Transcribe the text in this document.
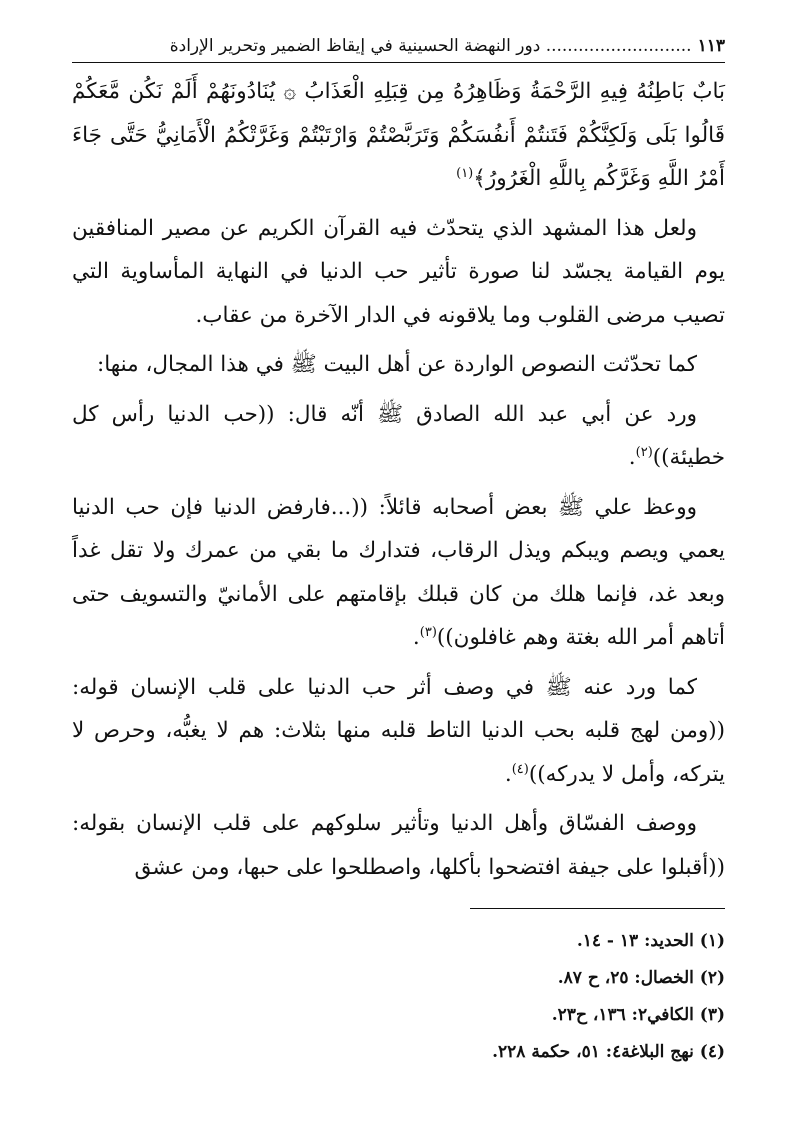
١١٣
........................... دور النهضة الحسينية في إيقاظ الضمير وتحرير الإرادة

بَابٌ بَاطِنُهُ فِيهِ الرَّحْمَةُ وَظَاهِرُهُ مِن قِبَلِهِ الْعَذَابُ ۞ يُنَادُونَهُمْ أَلَمْ نَكُن مَّعَكُمْ قَالُوا بَلَى وَلَكِنَّكُمْ فَتَنتُمْ أَنفُسَكُمْ وَتَرَبَّصْتُمْ وَارْتَبْتُمْ وَغَرَّتْكُمُ الْأَمَانِيُّ حَتَّى جَاءَ أَمْرُ اللَّهِ وَغَرَّكُم بِاللَّهِ الْغَرُورُ﴾$^{(١)}$

ولعل هذا المشهد الذي يتحدّث فيه القرآن الكريم عن مصير المنافقين يوم القيامة يجسّد لنا صورة تأثير حب الدنيا في النهاية المأساوية التي تصيب مرضى القلوب وما يلاقونه في الدار الآخرة من عقاب.

كما تحدّثت النصوص الواردة عن أهل البيت ﷺ في هذا المجال، منها:

ورد عن أبي عبد الله الصادق ﷺ أنّه قال: ((حب الدنيا رأس كل خطيئة))$^{(٢)}$.

ووعظ علي ﷺ بعض أصحابه قائلاً: ((...فارفض الدنيا فإن حب الدنيا يعمي ويصم ويبكم ويذل الرقاب، فتدارك ما بقي من عمرك ولا تقل غداً وبعد غد، فإنما هلك من كان قبلك بإقامتهم على الأمانيّ والتسويف حتى أتاهم أمر الله بغتة وهم غافلون))$^{(٣)}$.

كما ورد عنه ﷺ في وصف أثر حب الدنيا على قلب الإنسان قوله: ((ومن لهج قلبه بحب الدنيا التاط قلبه منها بثلاث: هم لا يغبُّه، وحرص لا يتركه، وأمل لا يدركه))$^{(٤)}$.

ووصف الفسّاق وأهل الدنيا وتأثير سلوكهم على قلب الإنسان بقوله: ((أقبلوا على جيفة افتضحوا بأكلها، واصطلحوا على حبها، ومن عشق

(١) الحديد: ١٣ - ١٤.
(٢) الخصال: ٢٥، ح ٨٧.
(٣) الكافي٢: ١٣٦، ح٢٣.
(٤) نهج البلاغة٤: ٥١، حكمة ٢٢٨.
